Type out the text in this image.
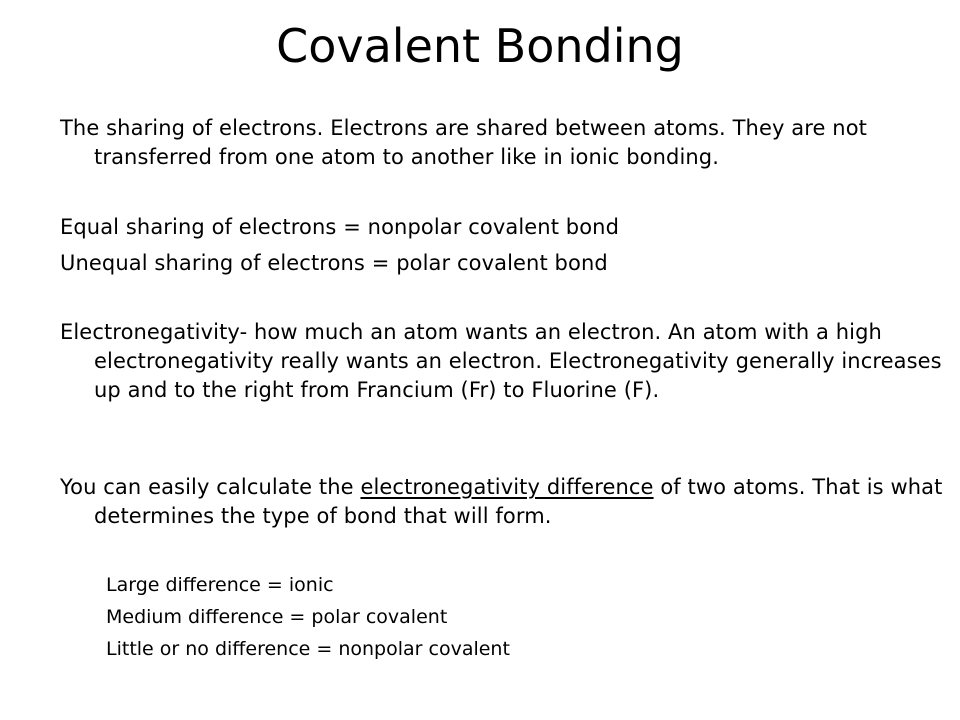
Covalent Bonding
The sharing of electrons. Electrons are shared between atoms. They are not transferred from one atom to another like in ionic bonding.
Equal sharing of electrons = nonpolar covalent bond
Unequal sharing of electrons = polar covalent bond
Electronegativity- how much an atom wants an electron. An atom with a high electronegativity really wants an electron. Electronegativity generally increases up and to the right from Francium (Fr) to Fluorine (F).
You can easily calculate the electronegativity difference of two atoms. That is what determines the type of bond that will form.
Large difference = ionic
Medium difference = polar covalent
Little or no difference = nonpolar covalent
